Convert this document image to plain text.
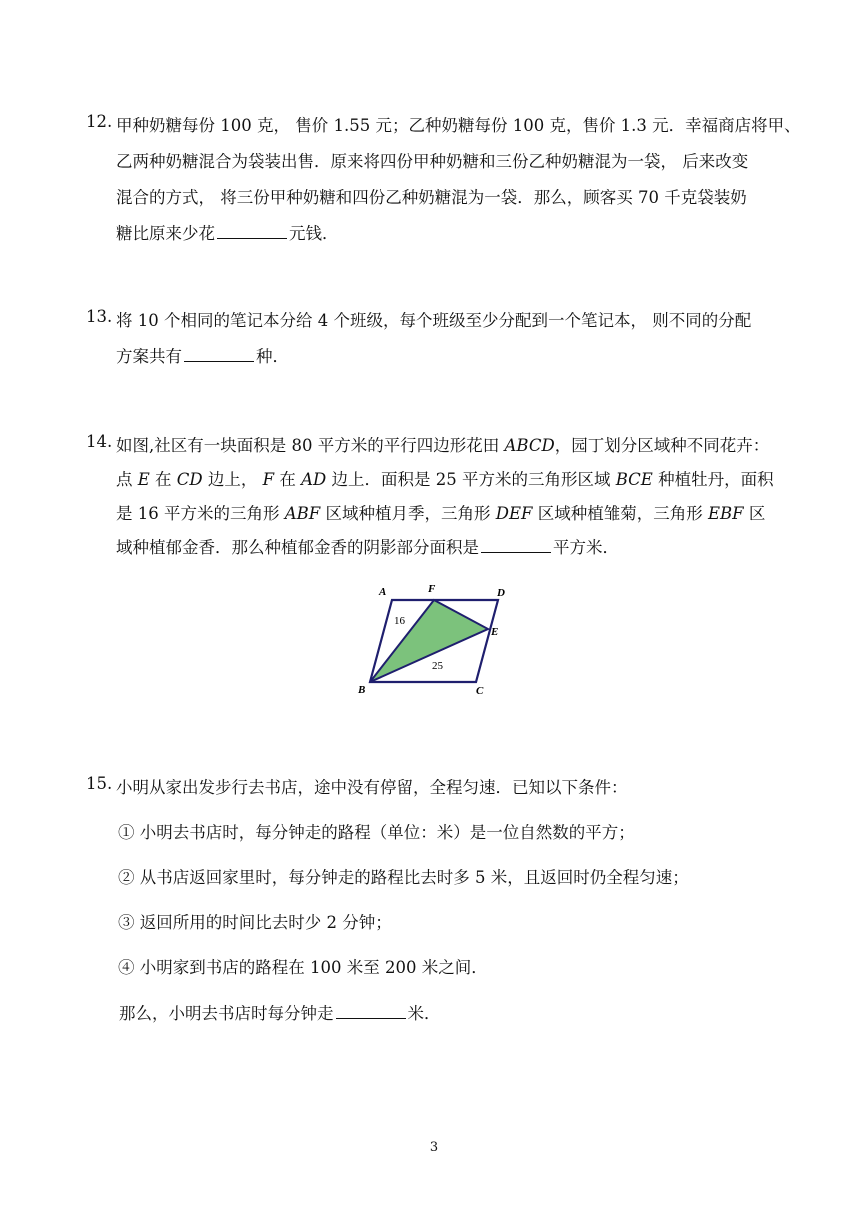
12. 甲种奶糖每份 100 克， 售价 1.55 元；乙种奶糖每份 100 克，售价 1.3 元．幸福商店将甲、
乙两种奶糖混合为袋装出售．原来将四份甲种奶糖和三份乙种奶糖混为一袋， 后来改变
混合的方式， 将三份甲种奶糖和四份乙种奶糖混为一袋．那么，顾客买 70 千克袋装奶
糖比原来少花	元钱．
13. 将 10 个相同的笔记本分给 4 个班级，每个班级至少分配到一个笔记本， 则不同的分配
方案共有	种．
14. 如图,社区有一块面积是 80 平方米的平行四边形花田 ABCD，园丁划分区域种不同花卉：
点 E 在 CD 边上， F 在 AD 边上．面积是 25 平方米的三角形区域 BCE 种植牡丹，面积
是 16 平方米的三角形 ABF 区域种植月季，三角形 DEF 区域种植雏菊，三角形 EBF 区
域种植郁金香．那么种植郁金香的阴影部分面积是	平方米．
A	F	D
E
B	C
16
25
15. 小明从家出发步行去书店，途中没有停留，全程匀速．已知以下条件：
① 小明去书店时，每分钟走的路程（单位：米）是一位自然数的平方；
② 从书店返回家里时，每分钟走的路程比去时多 5 米，且返回时仍全程匀速；
③ 返回所用的时间比去时少 2 分钟；
④ 小明家到书店的路程在 100 米至 200 米之间．
那么，小明去书店时每分钟走	米．
3
